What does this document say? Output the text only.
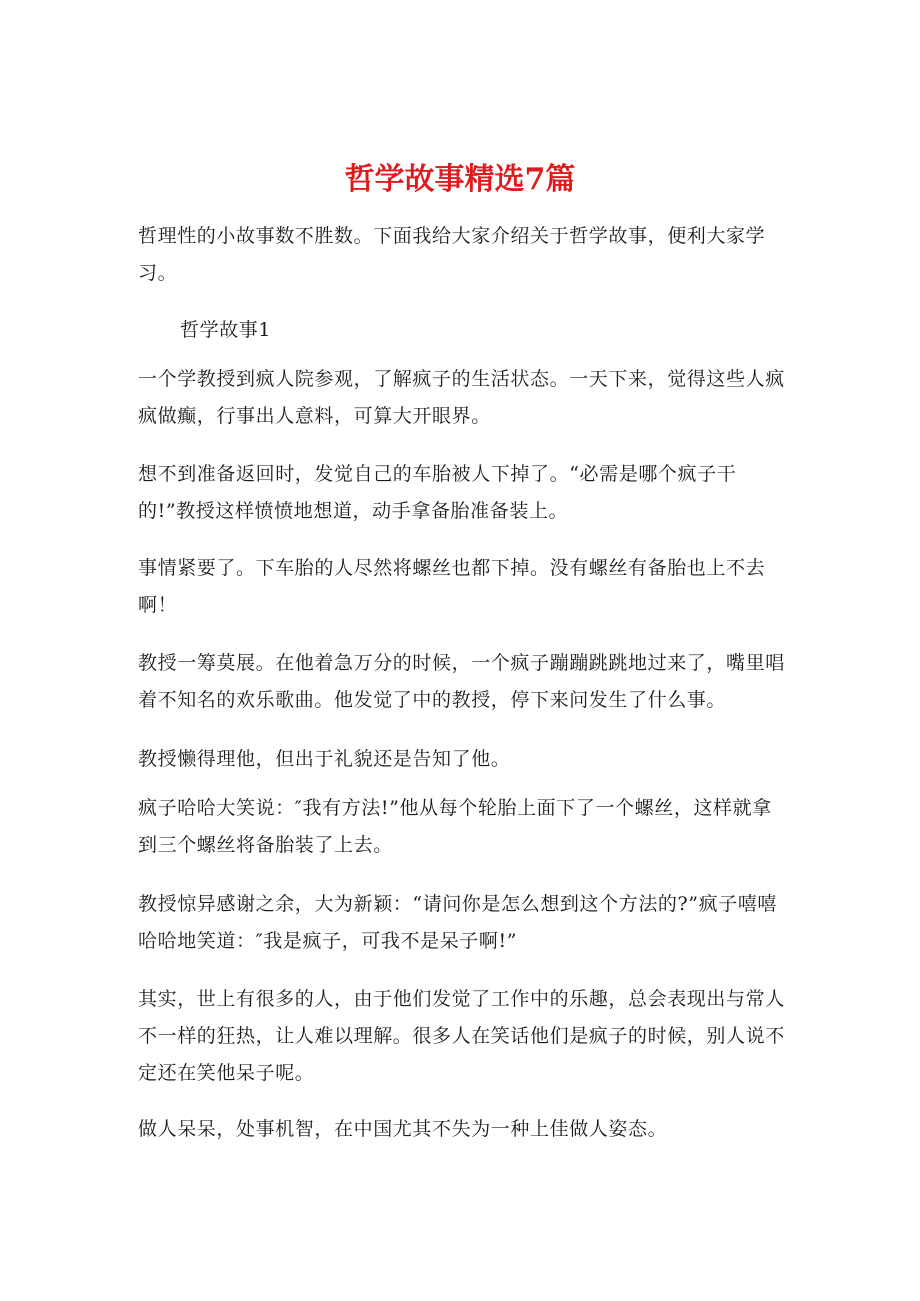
哲学故事精选7篇

哲理性的小故事数不胜数。下面我给大家介绍关于哲学故事，便利大家学习。

哲学故事1

一个学教授到疯人院参观，了解疯子的生活状态。一天下来，觉得这些人疯疯做癫，行事出人意料，可算大开眼界。

想不到准备返回时，发觉自己的车胎被人下掉了。“必需是哪个疯子干的!”教授这样愤愤地想道，动手拿备胎准备装上。

事情紧要了。下车胎的人尽然将螺丝也都下掉。没有螺丝有备胎也上不去啊！

教授一筹莫展。在他着急万分的时候，一个疯子蹦蹦跳跳地过来了，嘴里唱着不知名的欢乐歌曲。他发觉了中的教授，停下来问发生了什么事。

教授懒得理他，但出于礼貌还是告知了他。

疯子哈哈大笑说：″我有方法!”他从每个轮胎上面下了一个螺丝，这样就拿到三个螺丝将备胎装了上去。

教授惊异感谢之余，大为新颖：“请问你是怎么想到这个方法的?”疯子嘻嘻哈哈地笑道：″我是疯子，可我不是呆子啊!”

其实，世上有很多的人，由于他们发觉了工作中的乐趣，总会表现出与常人不一样的狂热，让人难以理解。很多人在笑话他们是疯子的时候，别人说不定还在笑他呆子呢。

做人呆呆，处事机智，在中国尤其不失为一种上佳做人姿态。
